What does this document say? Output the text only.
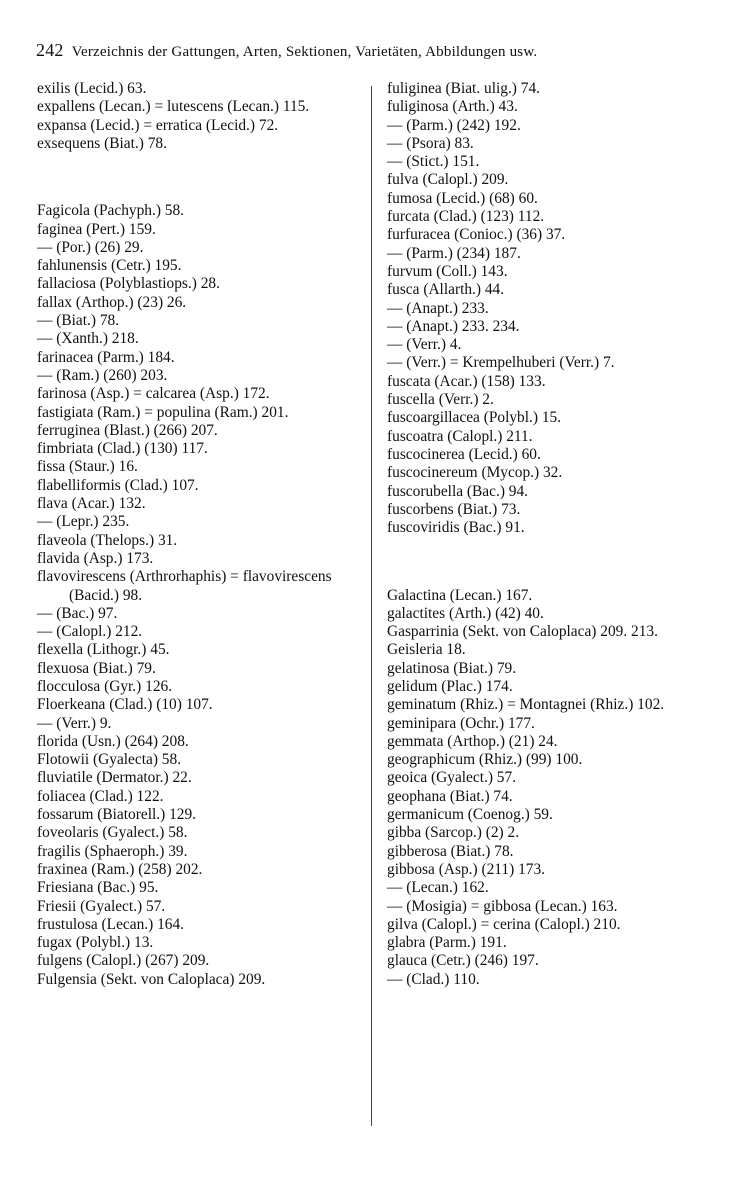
242 Verzeichnis der Gattungen, Arten, Sektionen, Varietäten, Abbildungen usw.

exilis (Lecid.) 63.

expallens (Lecan.) = lutescens (Lecan.) 115.

expansa (Lecid.) = erratica (Lecid.) 72.

exsequens (Biat.) 78.

Fagicola (Pachyph.) 58.

faginea (Pert.) 159.

— (Por.) (26) 29.

fahlunensis (Cetr.) 195.

fallaciosa (Polyblastiops.) 28.

fallax (Arthop.) (23) 26.

— (Biat.) 78.

— (Xanth.) 218.

farinacea (Parm.) 184.

— (Ram.) (260) 203.

farinosa (Asp.) = calcarea (Asp.) 172.

fastigiata (Ram.) = populina (Ram.) 201.

ferruginea (Blast.) (266) 207.

fimbriata (Clad.) (130) 117.

fissa (Staur.) 16.

flabelliformis (Clad.) 107.

flava (Acar.) 132.

— (Lepr.) 235.

flaveola (Thelops.) 31.

flavida (Asp.) 173.

flavovirescens (Arthrorhaphis) = flavovirescens (Bacid.) 98.

— (Bac.) 97.

— (Calopl.) 212.

flexella (Lithogr.) 45.

flexuosa (Biat.) 79.

flocculosa (Gyr.) 126.

Floerkeana (Clad.) (10) 107.

— (Verr.) 9.

florida (Usn.) (264) 208.

Flotowii (Gyalecta) 58.

fluviatile (Dermator.) 22.

foliacea (Clad.) 122.

fossarum (Biatorell.) 129.

foveolaris (Gyalect.) 58.

fragilis (Sphaeroph.) 39.

fraxinea (Ram.) (258) 202.

Friesiana (Bac.) 95.

Friesii (Gyalect.) 57.

frustulosa (Lecan.) 164.

fugax (Polybl.) 13.

fulgens (Calopl.) (267) 209.

Fulgensia (Sekt. von Caloplaca) 209.

fuliginea (Biat. ulig.) 74.

fuliginosa (Arth.) 43.

— (Parm.) (242) 192.

— (Psora) 83.

— (Stict.) 151.

fulva (Calopl.) 209.

fumosa (Lecid.) (68) 60.

furcata (Clad.) (123) 112.

furfuracea (Conioc.) (36) 37.

— (Parm.) (234) 187.

furvum (Coll.) 143.

fusca (Allarth.) 44.

— (Anapt.) 233.

— (Anapt.) 233. 234.

— (Verr.) 4.

— (Verr.) = Krempelhuberi (Verr.) 7.

fuscata (Acar.) (158) 133.

fuscella (Verr.) 2.

fuscoargillacea (Polybl.) 15.

fuscoatra (Calopl.) 211.

fuscocinerea (Lecid.) 60.

fuscocinereum (Mycop.) 32.

fuscorubella (Bac.) 94.

fuscorbens (Biat.) 73.

fuscoviridis (Bac.) 91.

Galactina (Lecan.) 167.

galactites (Arth.) (42) 40.

Gasparrinia (Sekt. von Caloplaca) 209. 213.

Geisleria 18.

gelatinosa (Biat.) 79.

gelidum (Plac.) 174.

geminatum (Rhiz.) = Montagnei (Rhiz.) 102.

geminipara (Ochr.) 177.

gemmata (Arthop.) (21) 24.

geographicum (Rhiz.) (99) 100.

geoica (Gyalect.) 57.

geophana (Biat.) 74.

germanicum (Coenog.) 59.

gibba (Sarcop.) (2) 2.

gibberosa (Biat.) 78.

gibbosa (Asp.) (211) 173.

— (Lecan.) 162.

— (Mosigia) = gibbosa (Lecan.) 163.

gilva (Calopl.) = cerina (Calopl.) 210.

glabra (Parm.) 191.

glauca (Cetr.) (246) 197.

— (Clad.) 110.
